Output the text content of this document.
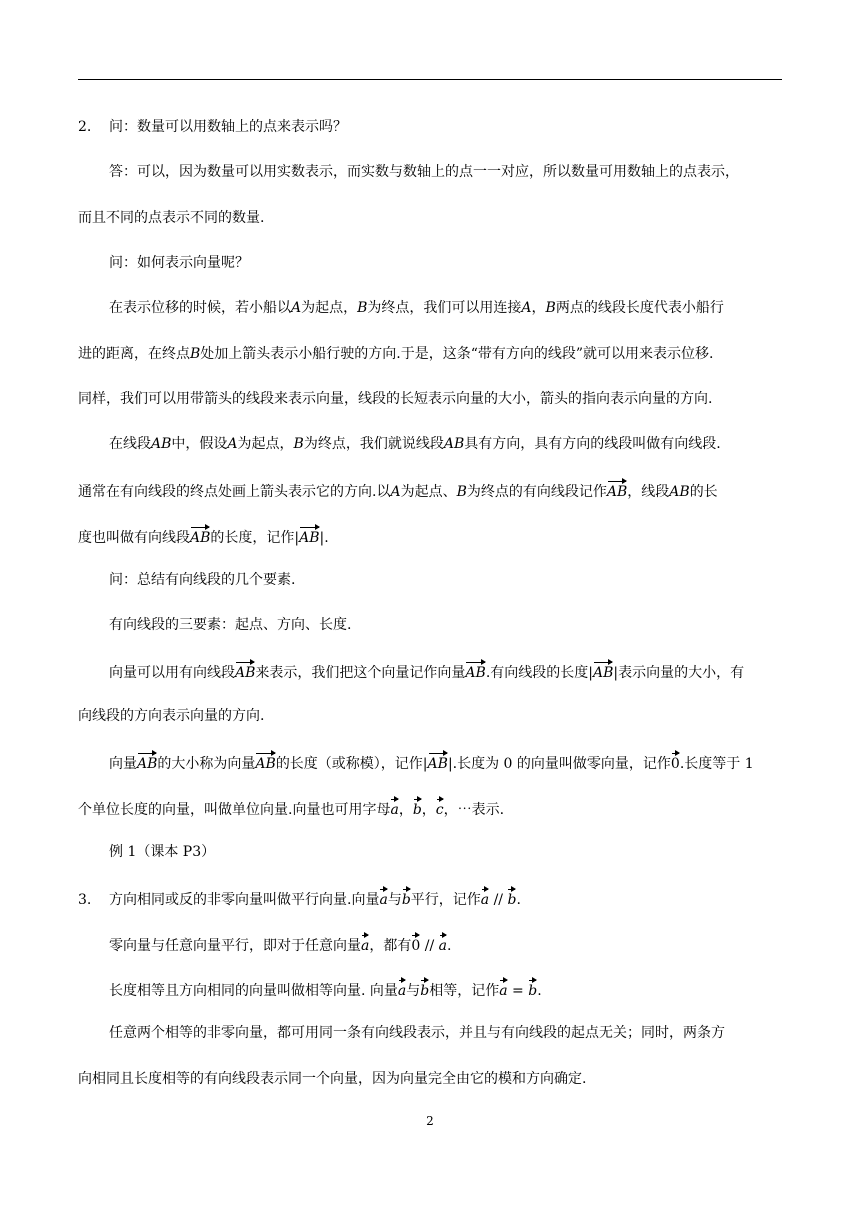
2. 问：数量可以用数轴上的点来表示吗？
答：可以，因为数量可以用实数表示，而实数与数轴上的点一一对应，所以数量可用数轴上的点表示，
而且不同的点表示不同的数量.
问：如何表示向量呢？
在表示位移的时候，若小船以A为起点，B为终点，我们可以用连接A，B两点的线段长度代表小船行
进的距离，在终点B处加上箭头表示小船行驶的方向.于是，这条“带有方向的线段”就可以用来表示位移.
同样，我们可以用带箭头的线段来表示向量，线段的长短表示向量的大小，箭头的指向表示向量的方向.
在线段AB中，假设A为起点，B为终点，我们就说线段AB具有方向，具有方向的线段叫做有向线段.
通常在有向线段的终点处画上箭头表示它的方向.以A为起点、B为终点的有向线段记作AB，线段AB的长
度也叫做有向线段AB的长度，记作|AB|.
问：总结有向线段的几个要素.
有向线段的三要素：起点、方向、长度.
向量可以用有向线段AB来表示，我们把这个向量记作向量AB.有向线段的长度|AB|表示向量的大小，有
向线段的方向表示向量的方向.
向量AB的大小称为向量AB的长度（或称模），记作|AB|.长度为 0 的向量叫做零向量，记作0.长度等于 1
个单位长度的向量，叫做单位向量.向量也可用字母a，b，c，⋯表示.
例 1（课本 P3）
3. 方向相同或反的非零向量叫做平行向量.向量a与b平行，记作a // b.
零向量与任意向量平行，即对于任意向量a，都有0 // a.
长度相等且方向相同的向量叫做相等向量. 向量a与b相等，记作a = b.
任意两个相等的非零向量，都可用同一条有向线段表示，并且与有向线段的起点无关；同时，两条方
向相同且长度相等的有向线段表示同一个向量，因为向量完全由它的模和方向确定.
2
